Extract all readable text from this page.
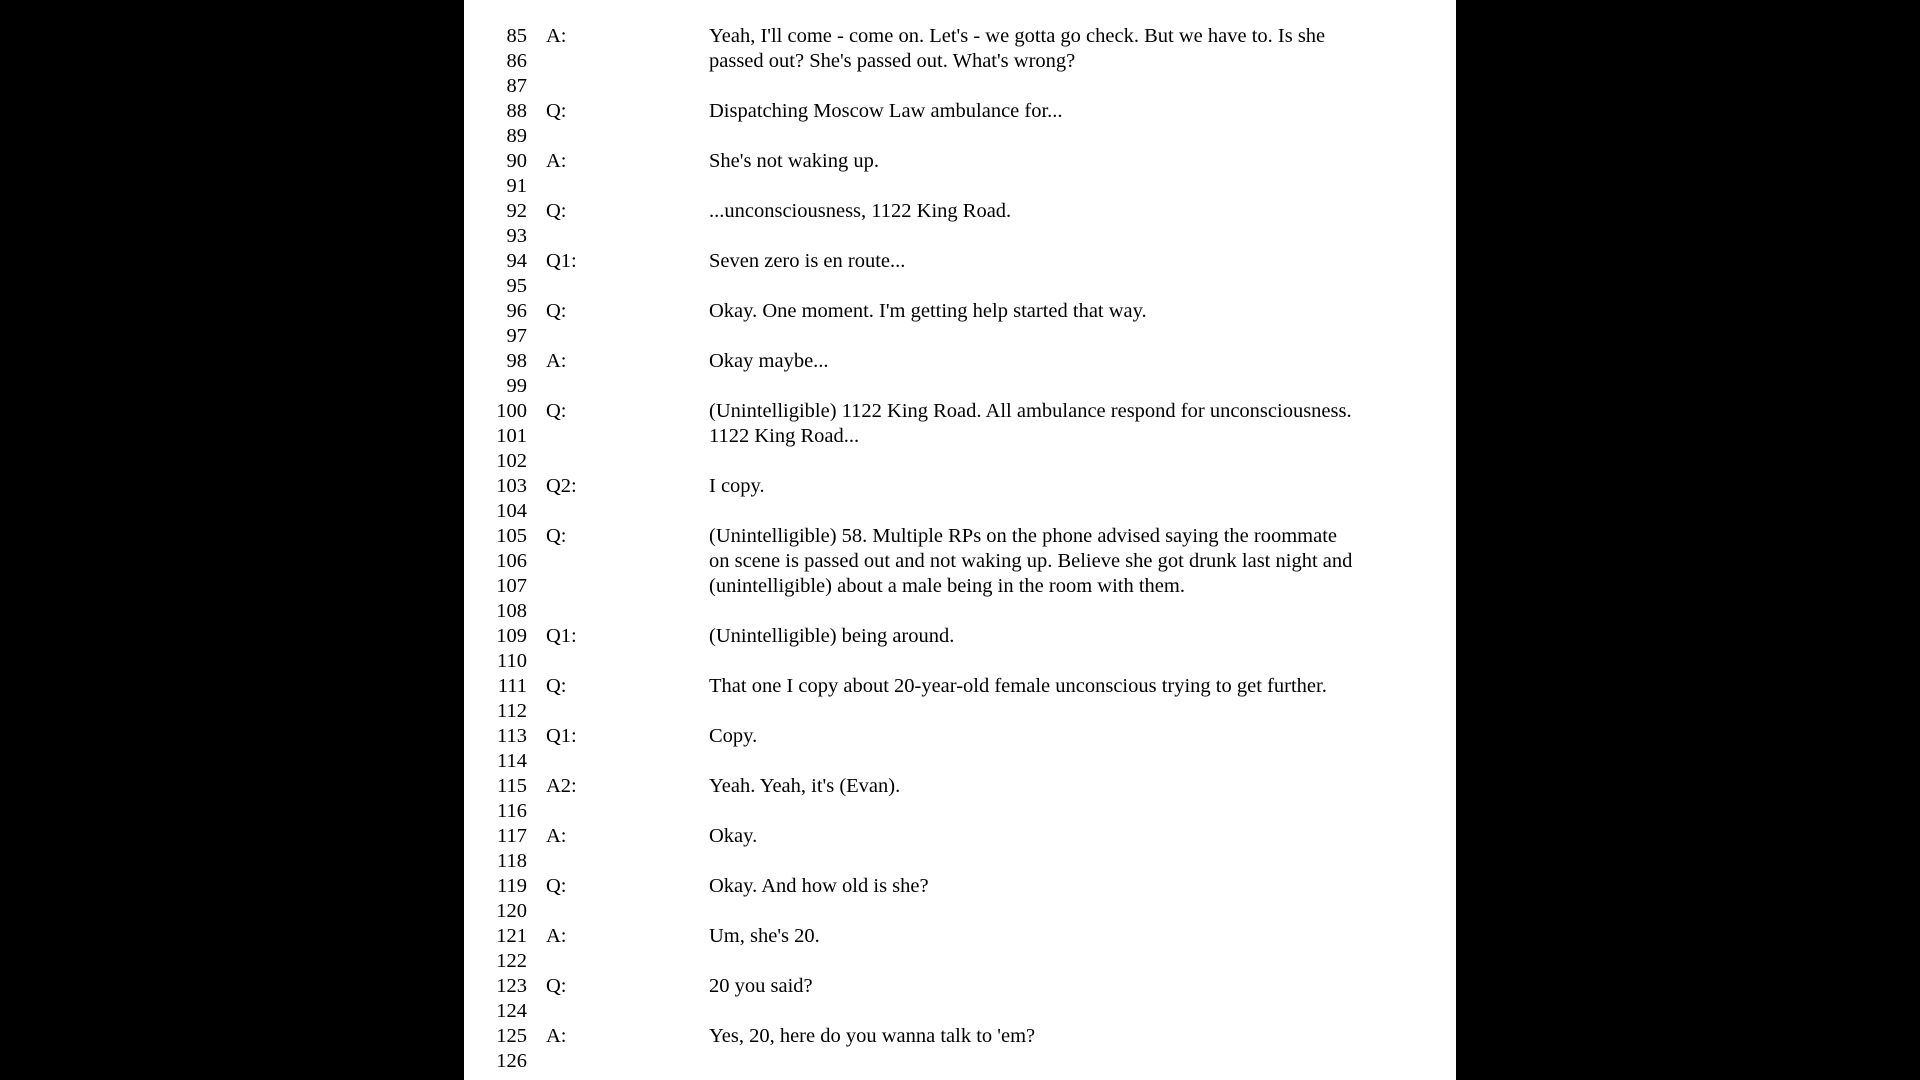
85 A:	Yeah, I'll come - come on. Let's - we gotta go check. But we have to. Is she
86	passed out? She's passed out. What's wrong?
87
88 Q:	Dispatching Moscow Law ambulance for...
89
90 A:	She's not waking up.
91
92 Q:	...unconsciousness, 1122 King Road.
93
94 Q1:	Seven zero is en route...
95
96 Q:	Okay. One moment. I'm getting help started that way.
97
98 A:	Okay maybe...
99
100 Q:	(Unintelligible) 1122 King Road. All ambulance respond for unconsciousness.
101	1122 King Road...
102
103 Q2:	I copy.
104
105 Q:	(Unintelligible) 58. Multiple RPs on the phone advised saying the roommate
106	on scene is passed out and not waking up. Believe she got drunk last night and
107	(unintelligible) about a male being in the room with them.
108
109 Q1:	(Unintelligible) being around.
110
111 Q:	That one I copy about 20-year-old female unconscious trying to get further.
112
113 Q1:	Copy.
114
115 A2:	Yeah. Yeah, it's (Evan).
116
117 A:	Okay.
118
119 Q:	Okay. And how old is she?
120
121 A:	Um, she's 20.
122
123 Q:	20 you said?
124
125 A:	Yes, 20, here do you wanna talk to 'em?
126
